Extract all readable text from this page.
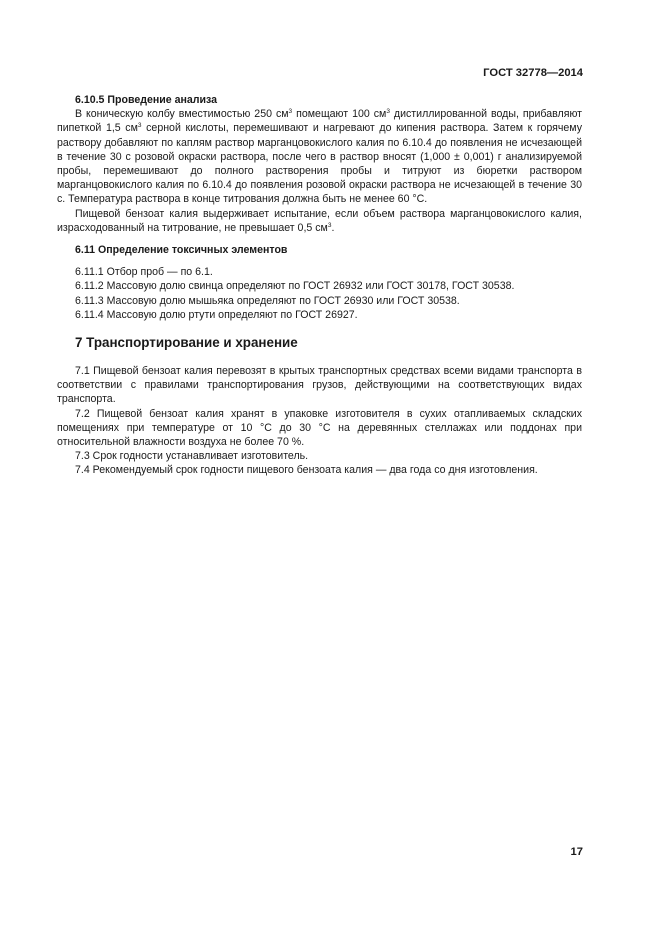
ГОСТ 32778—2014

6.10.5 Проведение анализа

В коническую колбу вместимостью 250 $см^3$ помещают 100 $см^3$ дистиллированной воды, прибавляют пипеткой 1,5 $см^3$ серной кислоты, перемешивают и нагревают до кипения раствора. Затем к горячему раствору добавляют по каплям раствор марганцовокислого калия по 6.10.4 до появления не исчезающей в течение 30 с розовой окраски раствора, после чего в раствор вносят (1,000 ± 0,001) г анализируемой пробы, перемешивают до полного растворения пробы и титруют из бюретки раствором марганцовокислого калия по 6.10.4 до появления розовой окраски раствора не исчезающей в течение 30 с. Температура раствора в конце титрования должна быть не менее 60 °С.

Пищевой бензоат калия выдерживает испытание, если объем раствора марганцовокислого калия, израсходованный на титрование, не превышает 0,5 $см^3$.

6.11 Определение токсичных элементов

6.11.1 Отбор проб — по 6.1.

6.11.2 Массовую долю свинца определяют по ГОСТ 26932 или ГОСТ 30178, ГОСТ 30538.

6.11.3 Массовую долю мышьяка определяют по ГОСТ 26930 или ГОСТ 30538.

6.11.4 Массовую долю ртути определяют по ГОСТ 26927.

7 Транспортирование и хранение

7.1 Пищевой бензоат калия перевозят в крытых транспортных средствах всеми видами транспорта в соответствии с правилами транспортирования грузов, действующими на соответствующих видах транспорта.

7.2 Пищевой бензоат калия хранят в упаковке изготовителя в сухих отапливаемых складских помещениях при температуре от 10 °С до 30 °С на деревянных стеллажах или поддонах при относительной влажности воздуха не более 70 %.

7.3 Срок годности устанавливает изготовитель.

7.4 Рекомендуемый срок годности пищевого бензоата калия — два года со дня изготовления.

17
